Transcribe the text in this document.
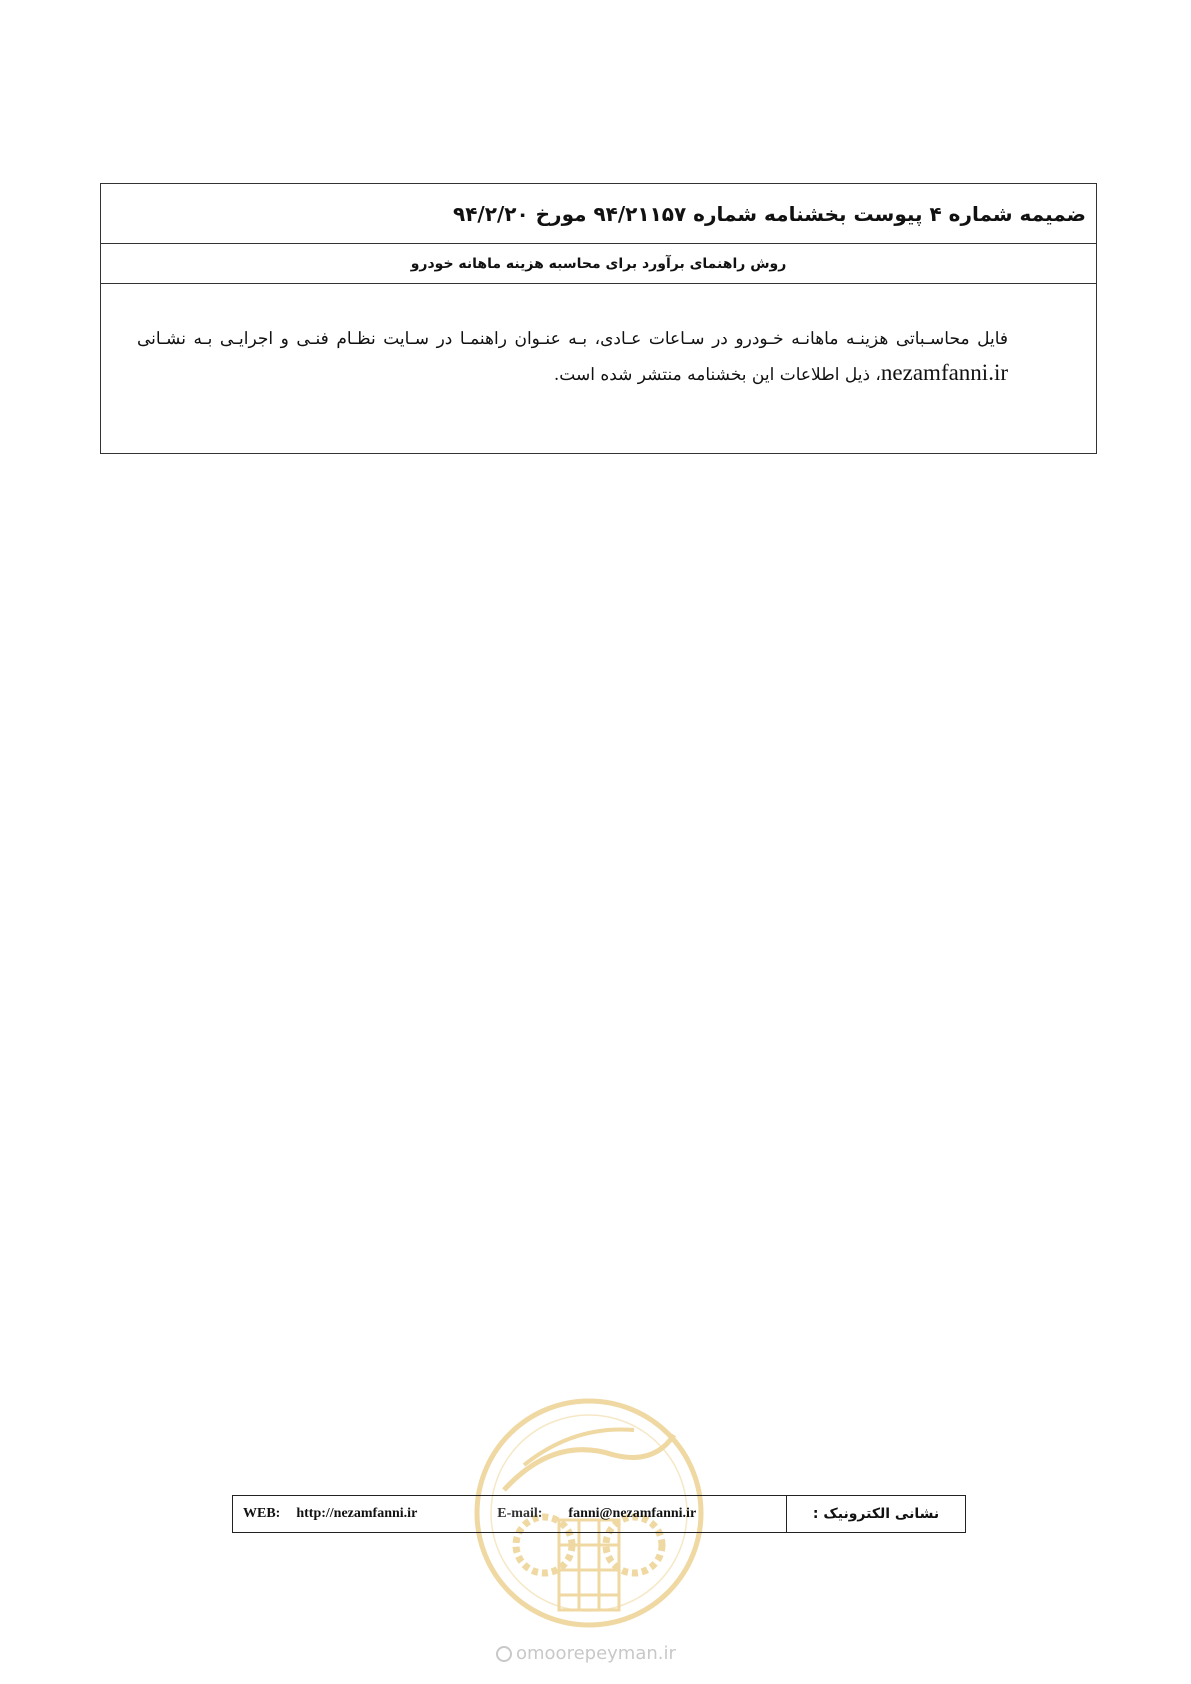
ضمیمه شماره ۴ پیوست بخشنامه شماره ۹۴/۲۱۱۵۷ مورخ ۹۴/۲/۲۰
روش راهنمای برآورد برای محاسبه هزینه ماهانه خودرو
فایل محاسـباتی هزینـه ماهانـه خـودرو در سـاعات عـادی، بـه عنـوان راهنمـا در سـایت نظـام فنـی و اجرایـی بـه نشـانی nezamfanni.ir، ذیل اطلاعات این بخشنامه منتشر شده است.
WEB: http://nezamfanni.ir	E-mail: fanni@nezamfanni.ir	نشانی الکترونیک :
omoorepeyman.ir
